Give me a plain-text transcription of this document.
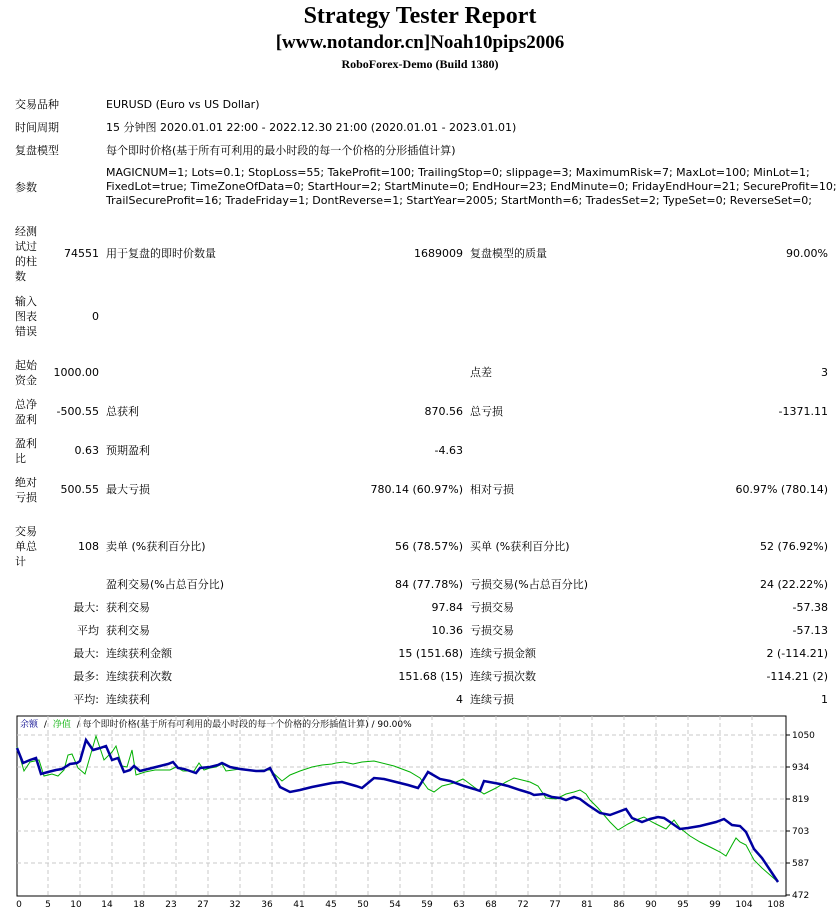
Strategy Tester Report
[www.notandor.cn]Noah10pips2006
RoboForex-Demo (Build 1380)
交易品种	EURUSD (Euro vs US Dollar)
时间周期	15 分钟图 2020.01.01 22:00 - 2022.12.30 21:00 (2020.01.01 - 2023.01.01)
复盘模型	每个即时价格(基于所有可利用的最小时段的每一个价格的分形插值计算)
参数
MAGICNUM=1; Lots=0.1; StopLoss=55; TakeProfit=100; TrailingStop=0; slippage=3; MaximumRisk=7; MaxLot=100; MinLot=1;
FixedLot=true; TimeZoneOfData=0; StartHour=2; StartMinute=0; EndHour=23; EndMinute=0; FridayEndHour=21; SecureProfit=10;
TrailSecureProfit=16; TradeFriday=1; DontReverse=1; StartYear=2005; StartMonth=6; TradesSet=2; TypeSet=0; ReverseSet=0;
经测试过的柱数
74551 用于复盘的即时价数量	1689009 复盘模型的质量	90.00%
输入图表错误
0
起始资金
1000.00	点差	3
总净盈利
-500.55 总获利	870.56 总亏损	-1371.11
盈利比
0.63 预期盈利	-4.63
绝对亏损
500.55 最大亏损	780.14 (60.97%) 相对亏损	60.97% (780.14)
交易单总计
108 卖单 (%获利百分比)	56 (78.57%) 买单 (%获利百分比)	52 (76.92%)
盈利交易(%占总百分比)	84 (77.78%) 亏损交易(%占总百分比)	24 (22.22%)
最大: 获利交易	97.84 亏损交易	-57.38
平均 获利交易	10.36 亏损交易	-57.13
最大: 连续获利金额	15 (151.68) 连续亏损金额	2 (-114.21)
最多: 连续获利次数	151.68 (15) 连续亏损次数	-114.21 (2)
平均: 连续获利	4 连续亏损	1
余额 / 净值 / 每个即时价格(基于所有可利用的最小时段的每一个价格的分形插值计算) / 90.00%
1050
934
819
703
587
472
0	5 10 14 18 23 27 32 36 41 45 50 54 59 63 68 72 77 81 86 90 95 99 104 108
